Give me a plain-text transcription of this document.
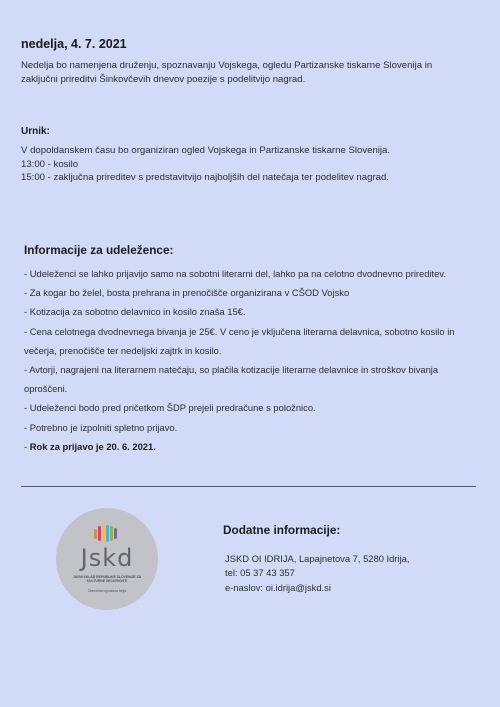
nedelja, 4. 7. 2021

Nedelja bo namenjena druženju, spoznavanju Vojskega, ogledu Partizanske tiskarne Slovenija in
zaključni prireditvi Šinkovčevih dnevov poezije s podelitvijo nagrad.

Urnik:
V dopoldanskem času bo organiziran ogled Vojskega in Partizanske tiskarne Slovenija.
13:00 - kosilo
15:00 - zaključna prireditev s predstavitvijo najboljših del natečaja ter podelitev nagrad.
Informacije za udeležence:
- Udeleženci se lahko prijavijo samo na sobotni literarni del, lahko pa na celotno dvodnevno prireditev.
- Za kogar bo želel, bosta prehrana in prenočišče organizirana v CŠOD Vojsko
- Kotizacija za sobotno delavnico in kosilo znaša 15€.
- Cena celotnega dvodnevnega bivanja je 25€. V ceno je vključena literarna delavnica, sobotno kosilo in
večerja, prenočišče ter nedeljski zajtrk in kosilo.
- Avtorji, nagrajeni na literarnem natečaju, so plačila kotizacije literarne delavnice in stroškov bivanja
oproščeni.
- Udeleženci bodo pred pričetkom ŠDP prejeli predračune s položnico.
- Potrebno je izpolniti spletno prijavo.
- Rok za prijavo je 20. 6. 2021.
Jskd
JAVNI SKLAD REPUBLIKE SLOVENIJE ZA KULTURNE DEJAVNOSTI
Območna izpostava Idrija
Dodatne informacije:
JSKD OI IDRIJA, Lapajnetova 7, 5280 Idrija,
tel: 05 37 43 357
e-naslov: oi.idrija@jskd.si
